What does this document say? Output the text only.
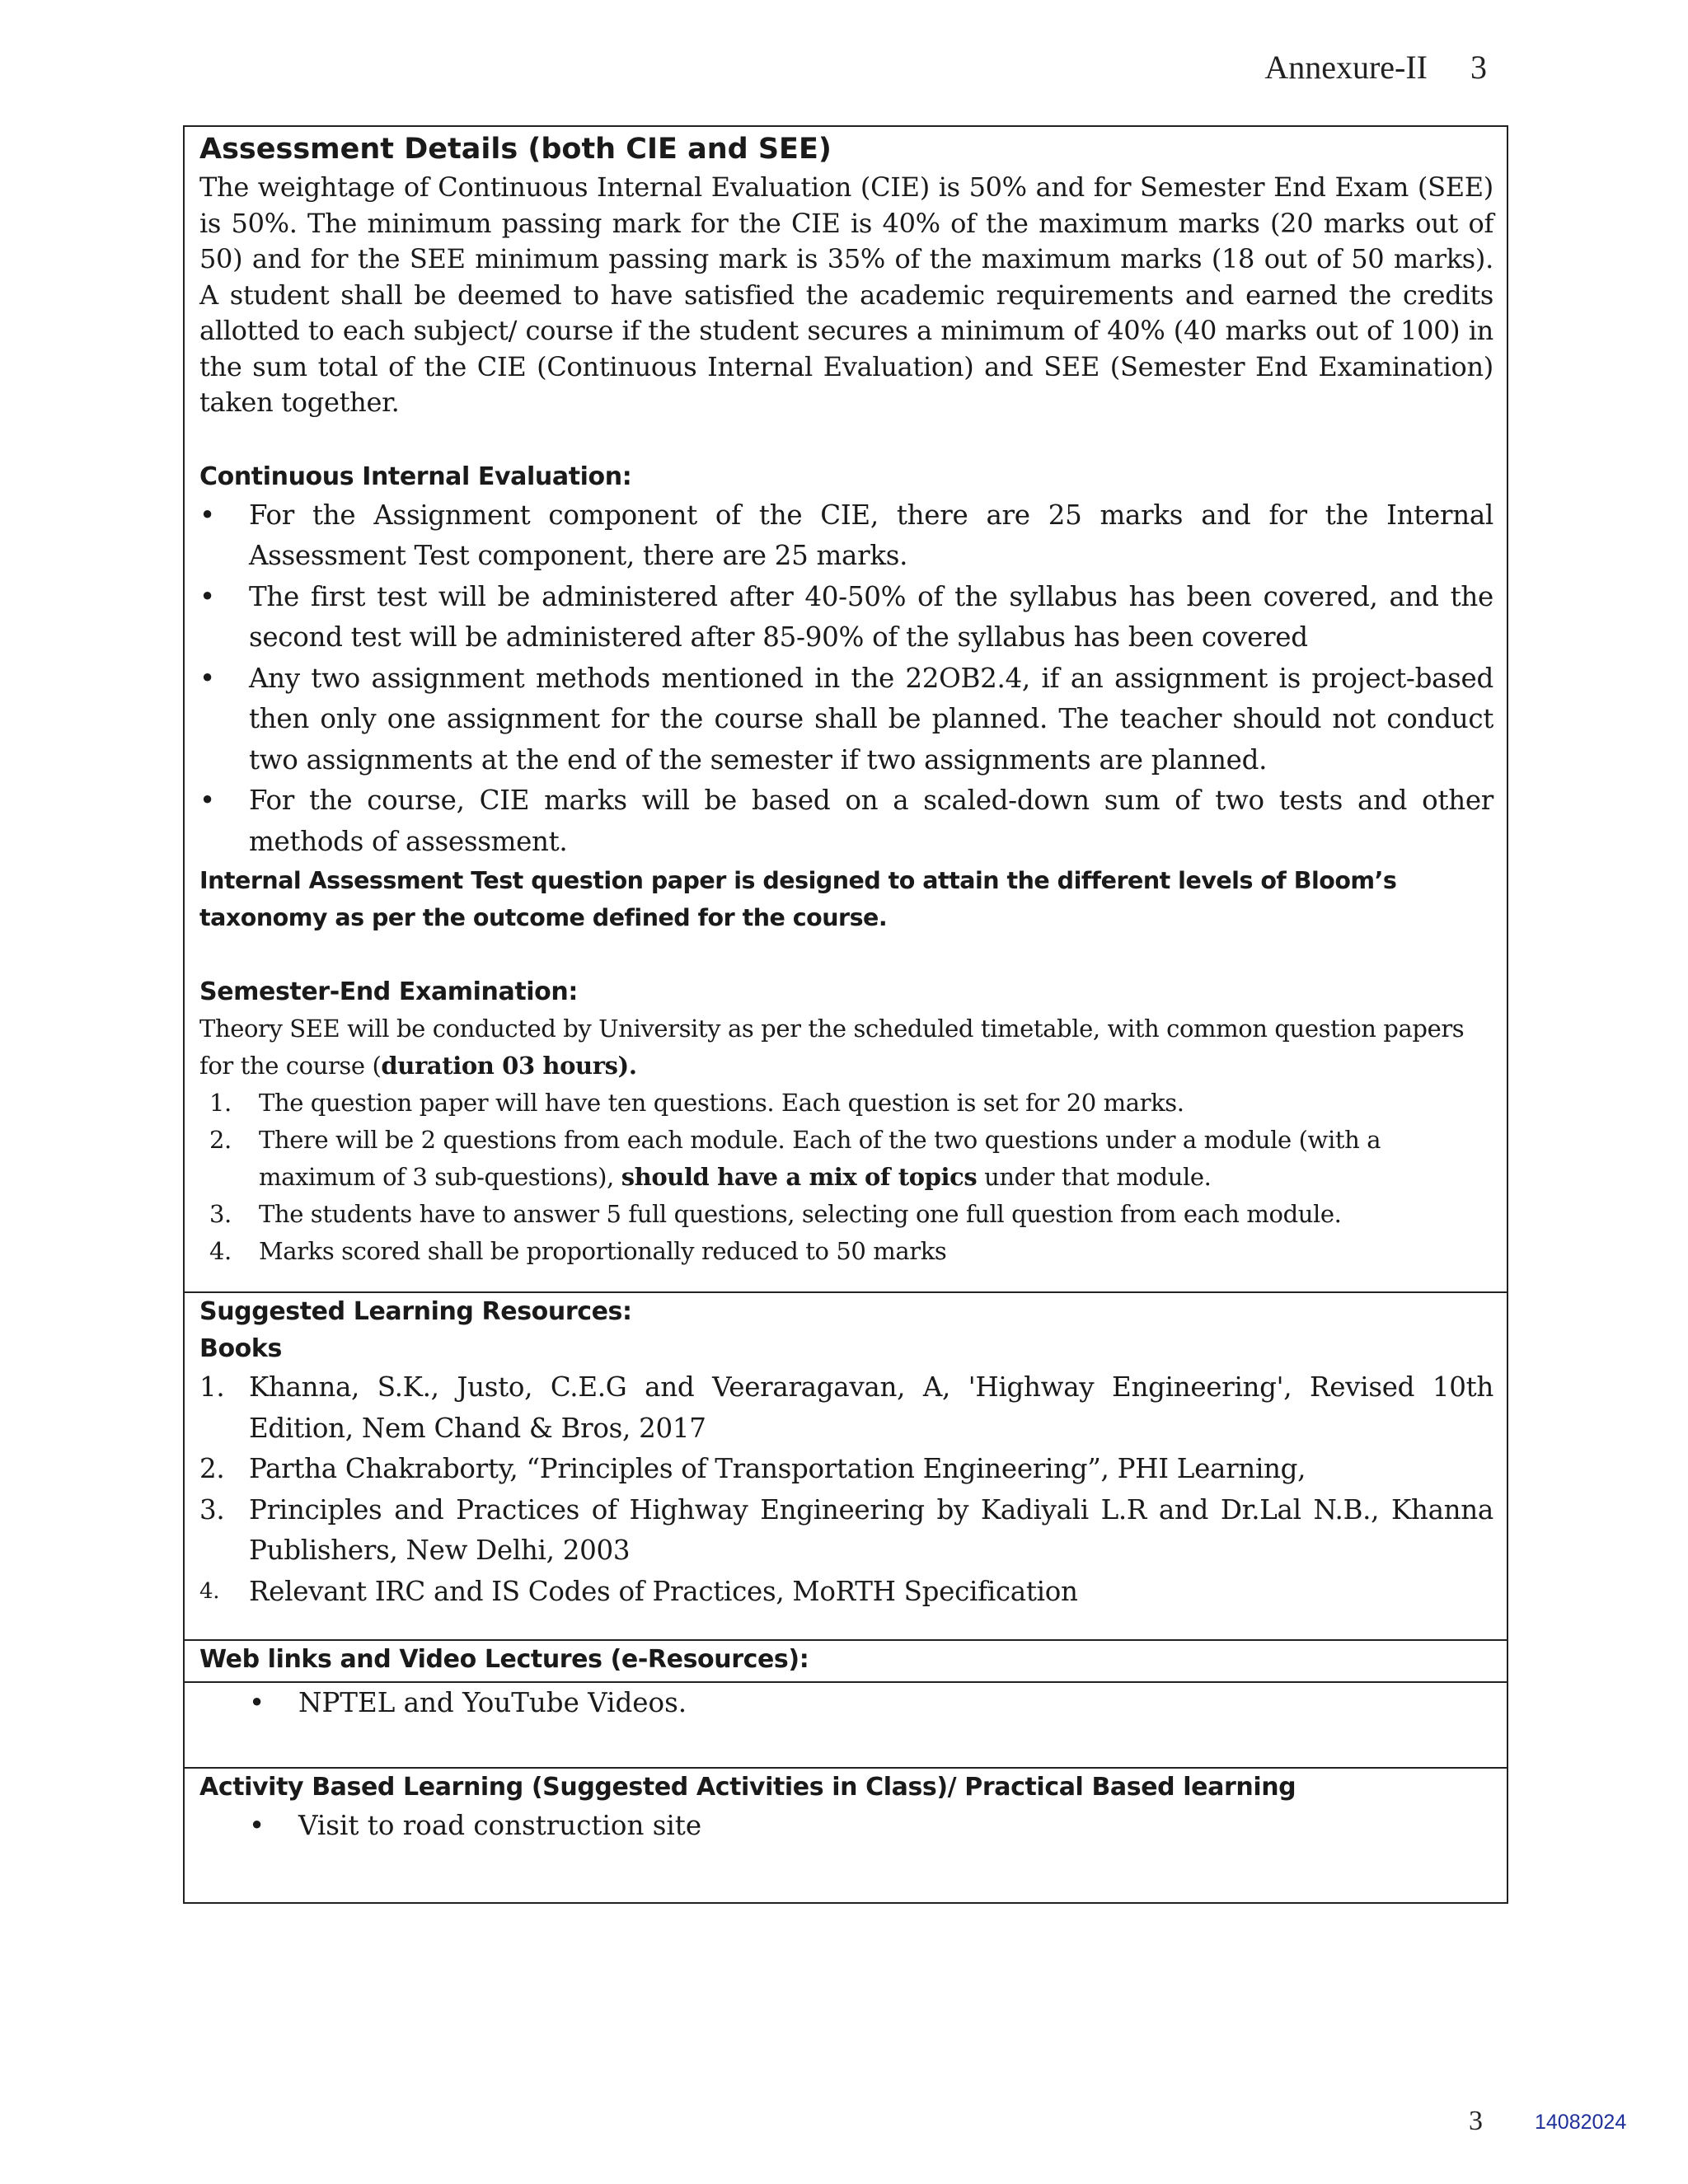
Annexure-II 3
Assessment Details (both CIE and SEE)

The weightage of Continuous Internal Evaluation (CIE) is 50% and for Semester End Exam (SEE) is 50%. The minimum passing mark for the CIE is 40% of the maximum marks (20 marks out of 50) and for the SEE minimum passing mark is 35% of the maximum marks (18 out of 50 marks). A student shall be deemed to have satisfied the academic requirements and earned the credits allotted to each subject/ course if the student secures a minimum of 40% (40 marks out of 100) in the sum total of the CIE (Continuous Internal Evaluation) and SEE (Semester End Examination) taken together.

Continuous Internal Evaluation:

• For the Assignment component of the CIE, there are 25 marks and for the Internal Assessment Test component, there are 25 marks.
• The first test will be administered after 40-50% of the syllabus has been covered, and the second test will be administered after 85-90% of the syllabus has been covered
• Any two assignment methods mentioned in the 22OB2.4, if an assignment is project-based then only one assignment for the course shall be planned. The teacher should not conduct two assignments at the end of the semester if two assignments are planned.
• For the course, CIE marks will be based on a scaled-down sum of two tests and other methods of assessment.

Internal Assessment Test question paper is designed to attain the different levels of Bloom’s taxonomy as per the outcome defined for the course.

Semester-End Examination:

Theory SEE will be conducted by University as per the scheduled timetable, with common question papers for the course (duration 03 hours).

1. The question paper will have ten questions. Each question is set for 20 marks.
2. There will be 2 questions from each module. Each of the two questions under a module (with a maximum of 3 sub-questions), should have a mix of topics under that module.
3. The students have to answer 5 full questions, selecting one full question from each module.
4. Marks scored shall be proportionally reduced to 50 marks

Suggested Learning Resources:

Books

1. Khanna, S.K., Justo, C.E.G and Veeraragavan, A, 'Highway Engineering', Revised 10th Edition, Nem Chand & Bros, 2017
2. Partha Chakraborty, “Principles of Transportation Engineering”, PHI Learning,
3. Principles and Practices of Highway Engineering by Kadiyali L.R and Dr.Lal N.B., Khanna Publishers, New Delhi, 2003
4. Relevant IRC and IS Codes of Practices, MoRTH Specification

Web links and Video Lectures (e-Resources):

• NPTEL and YouTube Videos.

Activity Based Learning (Suggested Activities in Class)/ Practical Based learning

• Visit to road construction site
3	14082024
